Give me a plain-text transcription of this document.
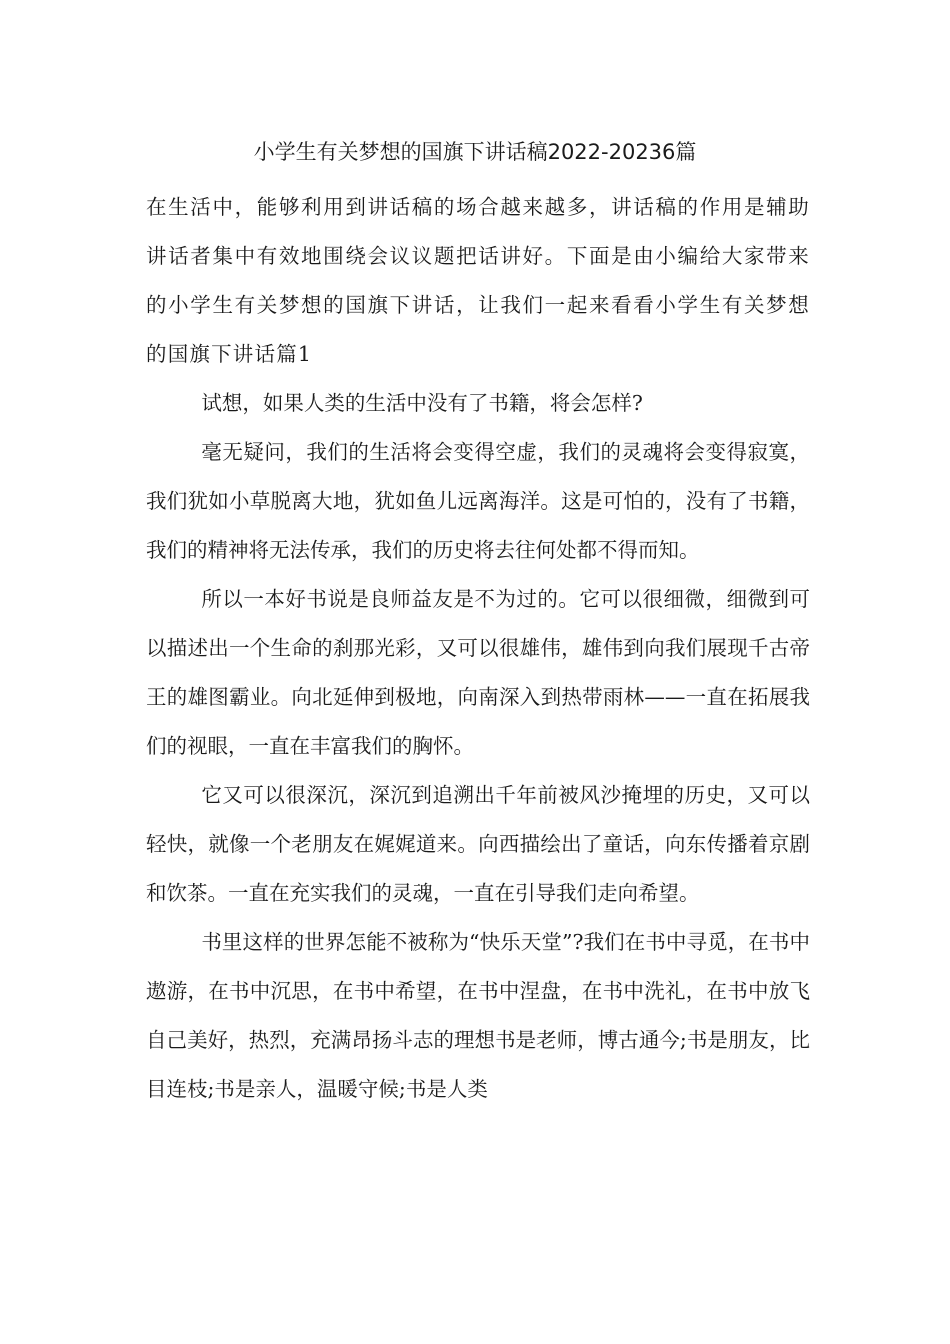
小学生有关梦想的国旗下讲话稿2022-20236篇

在生活中，能够利用到讲话稿的场合越来越多，讲话稿的作用是辅助讲话者集中有效地围绕会议议题把话讲好。下面是由小编给大家带来的小学生有关梦想的国旗下讲话，让我们一起来看看小学生有关梦想的国旗下讲话篇1

试想，如果人类的生活中没有了书籍，将会怎样?

毫无疑问，我们的生活将会变得空虚，我们的灵魂将会变得寂寞，我们犹如小草脱离大地，犹如鱼儿远离海洋。这是可怕的，没有了书籍，我们的精神将无法传承，我们的历史将去往何处都不得而知。

所以一本好书说是良师益友是不为过的。它可以很细微，细微到可以描述出一个生命的刹那光彩，又可以很雄伟，雄伟到向我们展现千古帝王的雄图霸业。向北延伸到极地，向南深入到热带雨林——一直在拓展我们的视眼，一直在丰富我们的胸怀。

它又可以很深沉，深沉到追溯出千年前被风沙掩埋的历史，又可以轻快，就像一个老朋友在娓娓道来。向西描绘出了童话，向东传播着京剧和饮茶。一直在充实我们的灵魂，一直在引导我们走向希望。

书里这样的世界怎能不被称为“快乐天堂”?我们在书中寻觅，在书中遨游，在书中沉思，在书中希望，在书中涅盘，在书中洗礼，在书中放飞自己美好，热烈，充满昂扬斗志的理想书是老师，博古通今;书是朋友，比目连枝;书是亲人，温暖守候;书是人类
